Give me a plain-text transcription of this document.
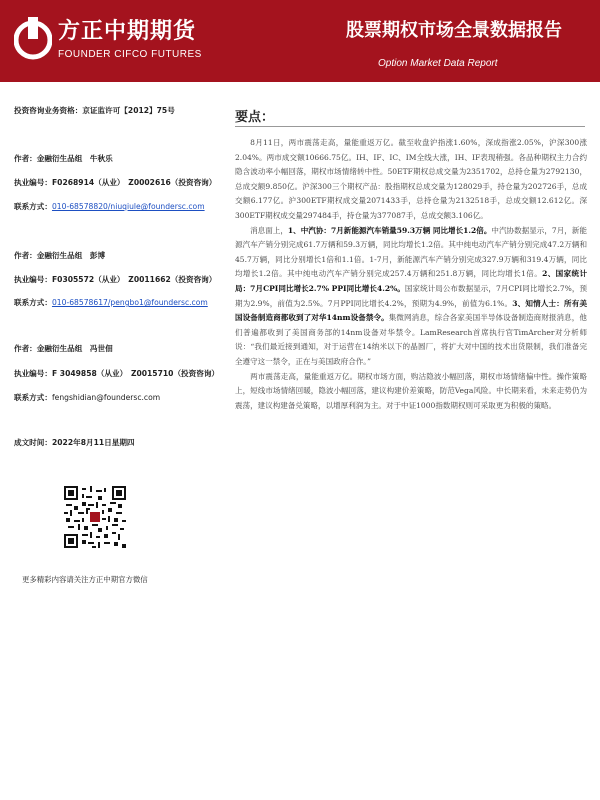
方正中期期货
FOUNDER CIFCO FUTURES
股票期权市场全景数据报告
Option Market Data Report
投资咨询业务资格：京证监许可【2012】75号
作者：金融衍生品组　牛秋乐
执业编号：F0268914（从业）　Z0002616（投资咨询）
联系方式：010-68578820/niuqiule@foundersc.com
作者：金融衍生品组　彭博
执业编号：F0305572（从业）　Z0011662（投资咨询）
联系方式：010-68578617/pengbo1@foundersc.com
作者：金融衍生品组　冯世佃
执业编号：F 3049858（从业）　Z0015710（投资咨询）
联系方式：fengshidian@foundersc.com
成文时间：2022年8月11日星期四
更多精彩内容请关注方正中期官方微信
要点：

8月11日，两市震荡走高，量能重返万亿。截至收盘沪指涨1.60%，深成指涨2.05%，沪深300涨2.04%。两市成交额10666.75亿。IH、IF、IC、IM全线大涨，IH、IF表现稍强。各品种期权主力合约隐含波动率小幅回落，期权市场情绪转中性。50ETF期权总成交量为2351702，总持仓量为2792130，总成交额9.850亿。沪深300三个期权产品：股指期权总成交量为128029手，持仓量为202726手，总成交额6.177亿。沪300ETF期权成交量2071433手，总持仓量为2132518手，总成交额12.612亿。深300ETF期权成交量297484手，持仓量为377087手，总成交额3.106亿。

消息面上，1、中汽协：7月新能源汽车销量59.3万辆 同比增长1.2倍。中汽协数据显示，7月，新能源汽车产销分别完成61.7万辆和59.3万辆，同比均增长1.2倍。其中纯电动汽车产销分别完成47.2万辆和45.7万辆，同比分别增长1倍和1.1倍。1-7月，新能源汽车产销分别完成327.9万辆和319.4万辆，同比均增长1.2倍。其中纯电动汽车产销分别完成257.4万辆和251.8万辆，同比均增长1倍。2、国家统计局：7月CPI同比增长2.7% PPI同比增长4.2%。国家统计局公布数据显示，7月CPI同比增长2.7%，预期为2.9%，前值为2.5%。7月PPI同比增长4.2%，预期为4.9%，前值为6.1%。3、知情人士：所有美国设备制造商都收到了对华14nm设备禁令。集微网消息，综合各家美国半导体设备制造商财报消息，他们普遍都收到了美国商务部的14nm设备对华禁令。LamResearch首席执行官TimArcher对分析师说：“我们最近接到通知，对于运营在14纳米以下的晶圆厂，将扩大对中国的技术出货限制，我们准备完全遵守这一禁令，正在与美国政府合作。”

两市震荡走高，量能重返万亿。期权市场方面，购沽隐波小幅回落，期权市场情绪偏中性。操作策略上，短线市场情绪回暖，隐波小幅回落，建议构建价差策略，防范Vega风险。中长期来看，未来走势仍为震荡，建议构建备兑策略，以增厚利润为主。对于中证1000指数期权则可采取更为积极的策略。
